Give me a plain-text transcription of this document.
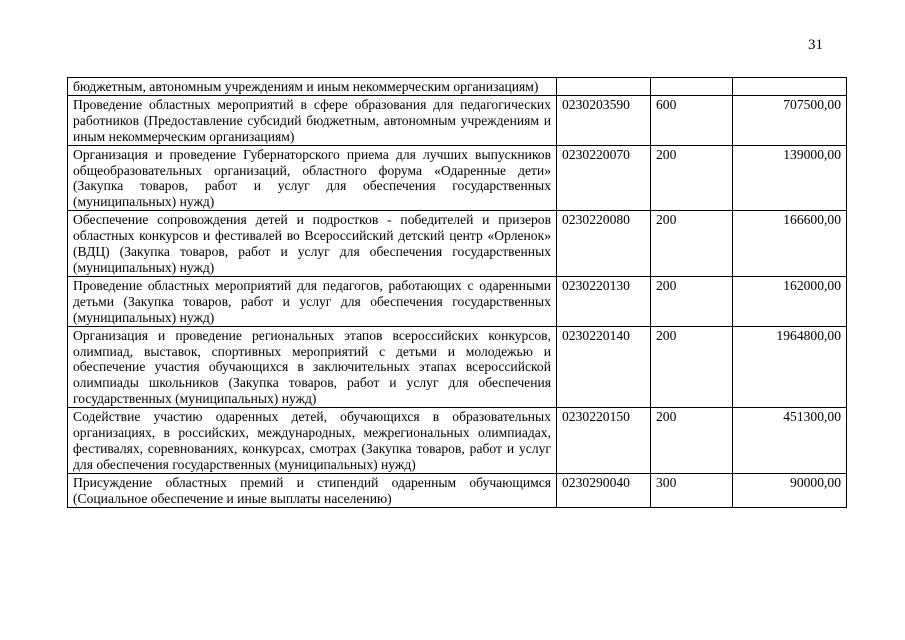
31
бюджетным, автономным учреждениям и иным некоммерческим организациям)			
Проведение областных мероприятий в сфере образования для педагогических работников (Предоставление субсидий бюджетным, автономным учреждениям и иным некоммерческим организациям)	0230203590	600	707500,00
Организация и проведение Губернаторского приема для лучших выпускников общеобразовательных организаций, областного форума «Одаренные дети» (Закупка товаров, работ и услуг для обеспечения государственных (муниципальных) нужд)	0230220070	200	139000,00
Обеспечение сопровождения детей и подростков - победителей и призеров областных конкурсов и фестивалей во Всероссийский детский центр «Орленок» (ВДЦ) (Закупка товаров, работ и услуг для обеспечения государственных (муниципальных) нужд)	0230220080	200	166600,00
Проведение областных мероприятий для педагогов, работающих с одаренными детьми (Закупка товаров, работ и услуг для обеспечения государственных (муниципальных) нужд)	0230220130	200	162000,00
Организация и проведение региональных этапов всероссийских конкурсов, олимпиад, выставок, спортивных мероприятий с детьми и молодежью и обеспечение участия обучающихся в заключительных этапах всероссийской олимпиады школьников (Закупка товаров, работ и услуг для обеспечения государственных (муниципальных) нужд)	0230220140	200	1964800,00
Содействие участию одаренных детей, обучающихся в образовательных организациях, в российских, международных, межрегиональных олимпиадах, фестивалях, соревнованиях, конкурсах, смотрах (Закупка товаров, работ и услуг для обеспечения государственных (муниципальных) нужд)	0230220150	200	451300,00
Присуждение областных премий и стипендий одаренным обучающимся (Социальное обеспечение и иные выплаты населению)	0230290040	300	90000,00
